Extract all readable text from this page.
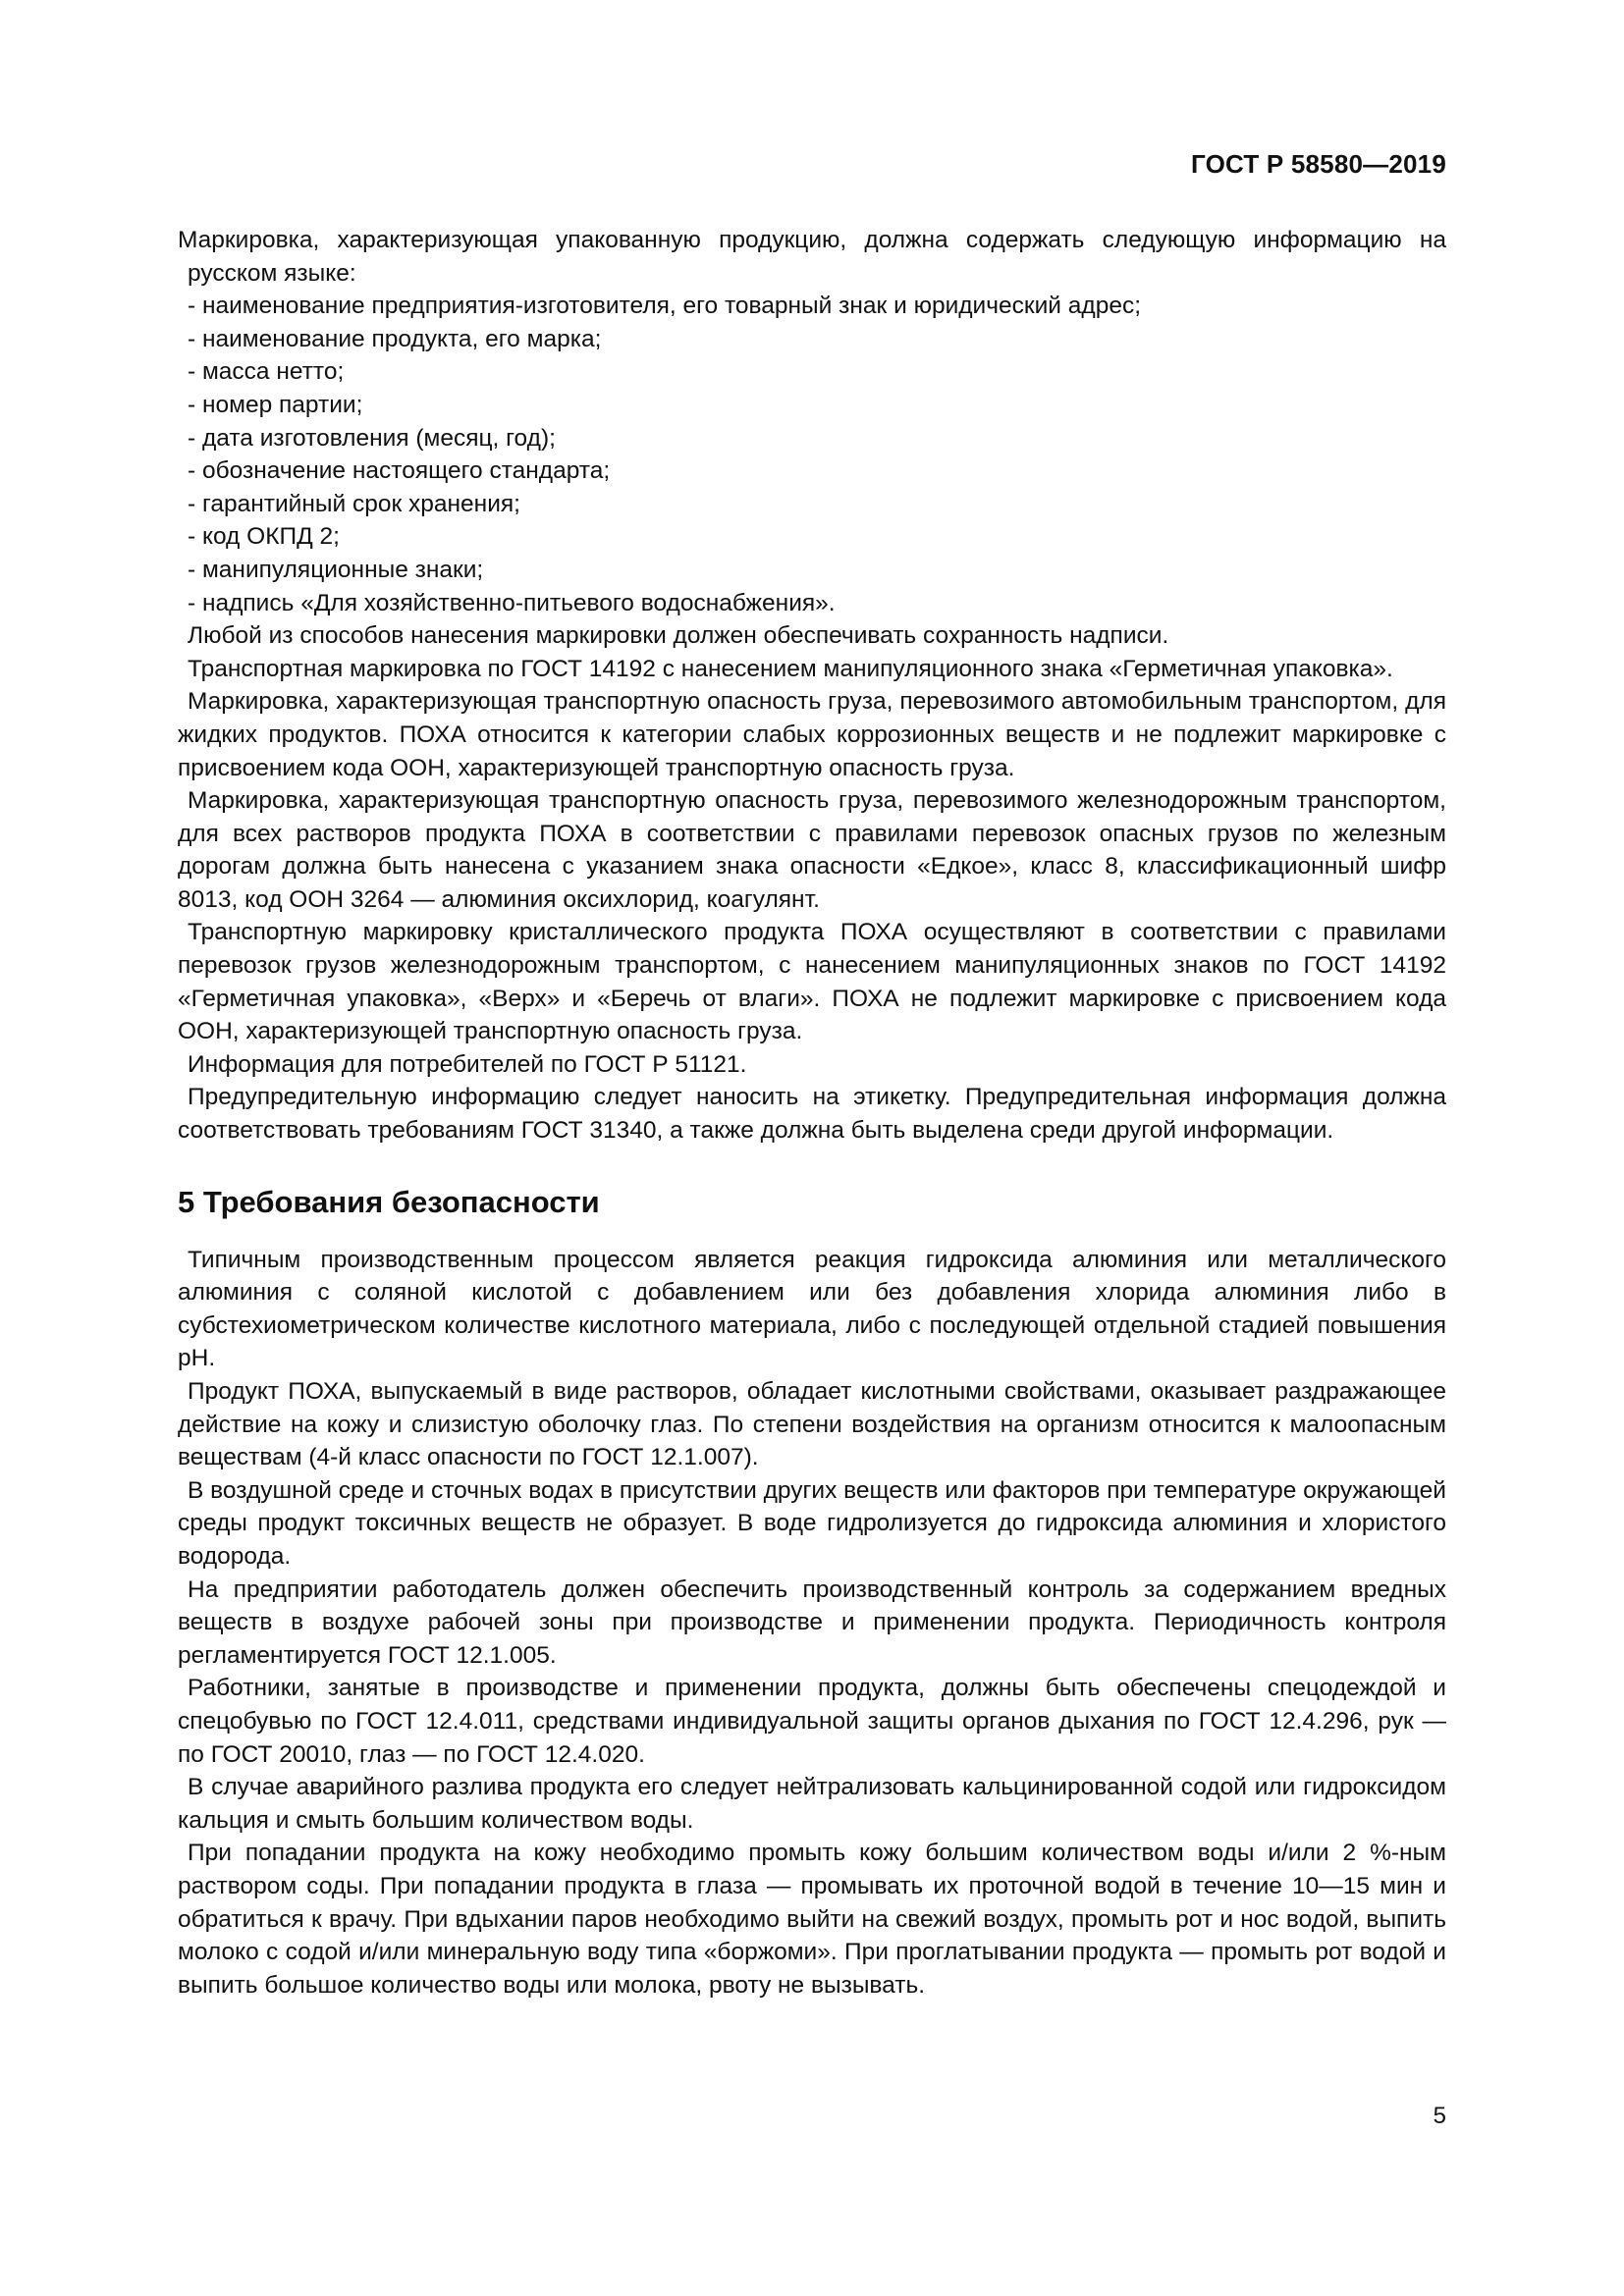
ГОСТ Р 58580—2019

Маркировка, характеризующая упакованную продукцию, должна содержать следующую информацию на русском языке:

- наименование предприятия-изготовителя, его товарный знак и юридический адрес;

- наименование продукта, его марка;

- масса нетто;

- номер партии;

- дата изготовления (месяц, год);

- обозначение настоящего стандарта;

- гарантийный срок хранения;

- код ОКПД 2;

- манипуляционные знаки;

- надпись «Для хозяйственно-питьевого водоснабжения».

Любой из способов нанесения маркировки должен обеспечивать сохранность надписи.

Транспортная маркировка по ГОСТ 14192 с нанесением манипуляционного знака «Герметичная упаковка».

Маркировка, характеризующая транспортную опасность груза, перевозимого автомобильным транспортом, для жидких продуктов. ПОХА относится к категории слабых коррозионных веществ и не подлежит маркировке с присвоением кода ООН, характеризующей транспортную опасность груза.

Маркировка, характеризующая транспортную опасность груза, перевозимого железнодорожным транспортом, для всех растворов продукта ПОХА в соответствии с правилами перевозок опасных грузов по железным дорогам должна быть нанесена с указанием знака опасности «Едкое», класс 8, классификационный шифр 8013, код ООН 3264 — алюминия оксихлорид, коагулянт.

Транспортную маркировку кристаллического продукта ПОХА осуществляют в соответствии с правилами перевозок грузов железнодорожным транспортом, с нанесением манипуляционных знаков по ГОСТ 14192 «Герметичная упаковка», «Верх» и «Беречь от влаги». ПОХА не подлежит маркировке с присвоением кода ООН, характеризующей транспортную опасность груза.

Информация для потребителей по ГОСТ Р 51121.

Предупредительную информацию следует наносить на этикетку. Предупредительная информация должна соответствовать требованиям ГОСТ 31340, а также должна быть выделена среди другой информации.

5 Требования безопасности

Типичным производственным процессом является реакция гидроксида алюминия или металлического алюминия с соляной кислотой с добавлением или без добавления хлорида алюминия либо в субстехиометрическом количестве кислотного материала, либо с последующей отдельной стадией повышения pH.

Продукт ПОХА, выпускаемый в виде растворов, обладает кислотными свойствами, оказывает раздражающее действие на кожу и слизистую оболочку глаз. По степени воздействия на организм относится к малоопасным веществам (4-й класс опасности по ГОСТ 12.1.007).

В воздушной среде и сточных водах в присутствии других веществ или факторов при температуре окружающей среды продукт токсичных веществ не образует. В воде гидролизуется до гидроксида алюминия и хлористого водорода.

На предприятии работодатель должен обеспечить производственный контроль за содержанием вредных веществ в воздухе рабочей зоны при производстве и применении продукта. Периодичность контроля регламентируется ГОСТ 12.1.005.

Работники, занятые в производстве и применении продукта, должны быть обеспечены спецодеждой и спецобувью по ГОСТ 12.4.011, средствами индивидуальной защиты органов дыхания по ГОСТ 12.4.296, рук — по ГОСТ 20010, глаз — по ГОСТ 12.4.020.

В случае аварийного разлива продукта его следует нейтрализовать кальцинированной содой или гидроксидом кальция и смыть большим количеством воды.

При попадании продукта на кожу необходимо промыть кожу большим количеством воды и/или 2 %-ным раствором соды. При попадании продукта в глаза — промывать их проточной водой в течение 10—15 мин и обратиться к врачу. При вдыхании паров необходимо выйти на свежий воздух, промыть рот и нос водой, выпить молоко с содой и/или минеральную воду типа «боржоми». При проглатывании продукта — промыть рот водой и выпить большое количество воды или молока, рвоту не вызывать.

5
